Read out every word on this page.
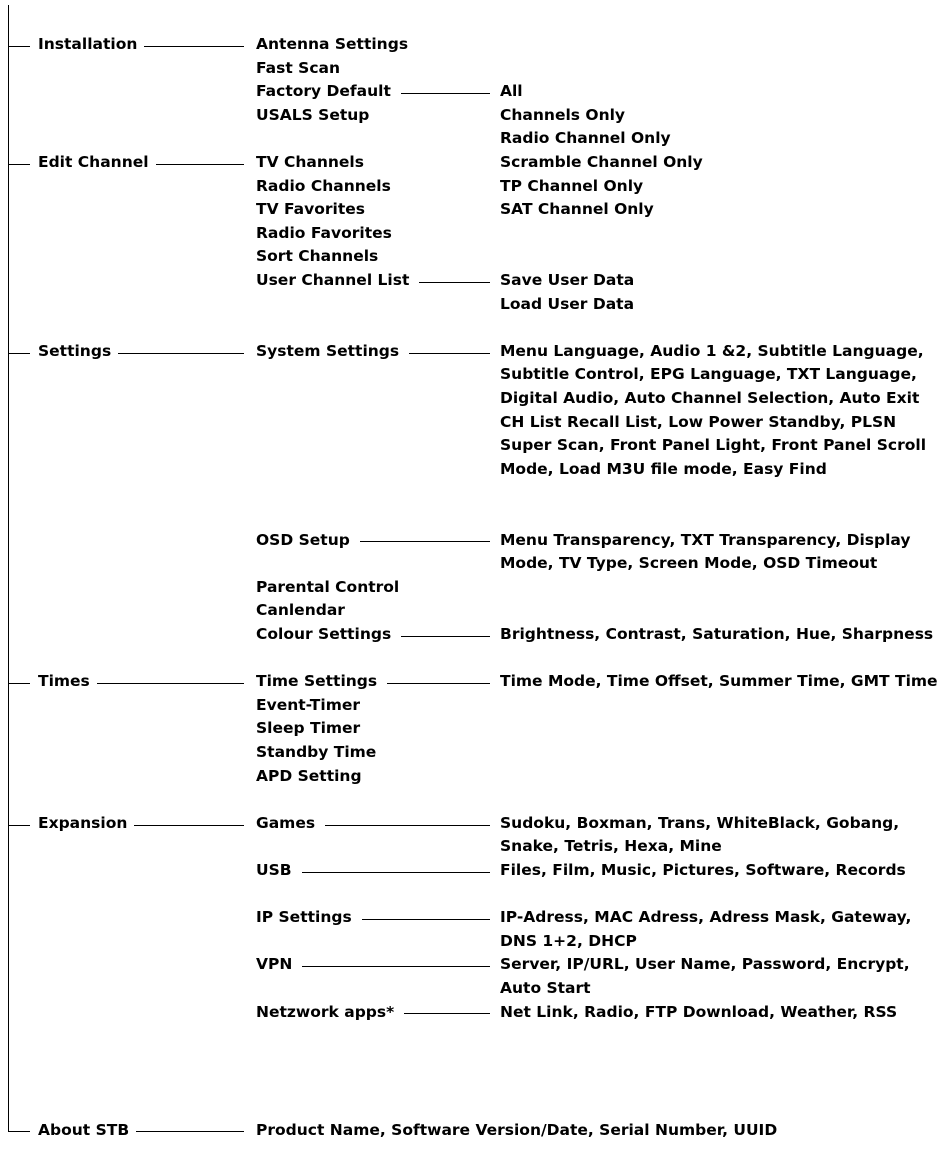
Installation	Antenna Settings
Fast Scan
Factory Default	All
Channels Only
Radio Channel Only
Scramble Channel Only
TP Channel Only
SAT Channel Only
USALS Setup
Edit Channel	TV Channels
Radio Channels
TV Favorites
Radio Favorites
Sort Channels
User Channel List	Save User Data
Load User Data
Settings	System Settings	Menu Language, Audio 1 &2, Subtitle Language, Subtitle Control, EPG Language, TXT Language, Digital Audio, Auto Channel Selection, Auto Exit CH List Recall List, Low Power Standby, PLSN Super Scan, Front Panel Light, Front Panel Scroll Mode, Load M3U file mode, Easy Find
OSD Setup	Menu Transparency, TXT Transparency, Display Mode, TV Type, Screen Mode, OSD Timeout
Parental Control
Canlendar
Colour Settings	Brightness, Contrast, Saturation, Hue, Sharpness
Times	Time Settings	Time Mode, Time Offset, Summer Time, GMT Time
Event-Timer
Sleep Timer
Standby Time
APD Setting
Expansion	Games	Sudoku, Boxman, Trans, WhiteBlack, Gobang, Snake, Tetris, Hexa, Mine
USB	Files, Film, Music, Pictures, Software, Records
IP Settings	IP-Adress, MAC Adress, Adress Mask, Gateway, DNS 1+2, DHCP
VPN	Server, IP/URL, User Name, Password, Encrypt, Auto Start
Netzwork apps*	Net Link, Radio, FTP Download, Weather, RSS
About STB	Product Name, Software Version/Date, Serial Number, UUID
